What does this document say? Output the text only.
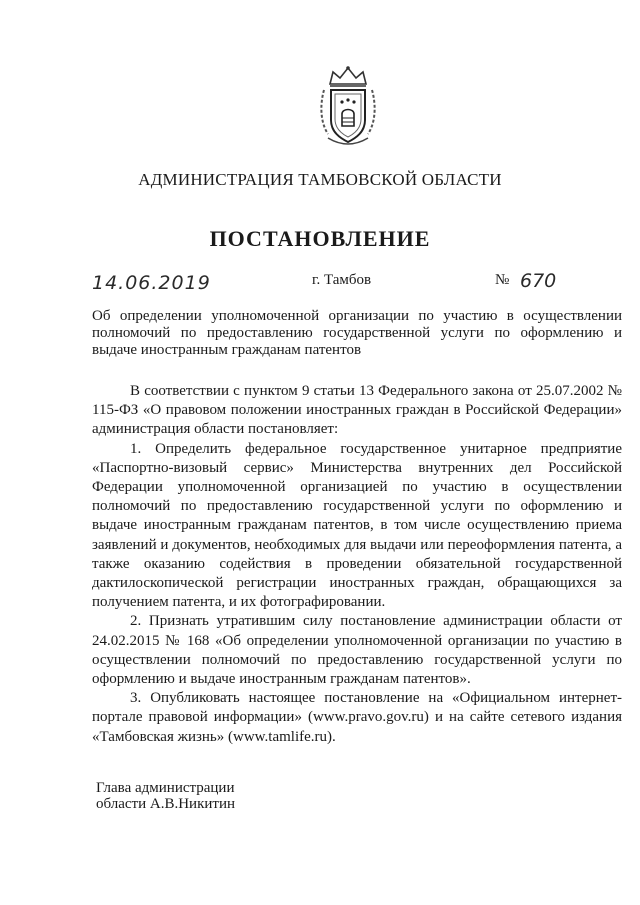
АДМИНИСТРАЦИЯ ТАМБОВСКОЙ ОБЛАСТИ
ПОСТАНОВЛЕНИЕ
14.06.2019	г. Тамбов	№ 670
Об определении уполномоченной организации по участию в осуществлении полномочий по предоставлению государственной услуги по оформлению и выдаче иностранным гражданам патентов

В соответствии с пунктом 9 статьи 13 Федерального закона от 25.07.2002 № 115-ФЗ «О правовом положении иностранных граждан в Российской Федерации» администрация области постановляет:

1. Определить федеральное государственное унитарное предприятие «Паспортно-визовый сервис» Министерства внутренних дел Российской Федерации уполномоченной организацией по участию в осуществлении полномочий по предоставлению государственной услуги по оформлению и выдаче иностранным гражданам патентов, в том числе осуществлению приема заявлений и документов, необходимых для выдачи или переоформления патента, а также оказанию содействия в проведении обязательной государственной дактилоскопической регистрации иностранных граждан, обращающихся за получением патента, и их фотографировании.

2. Признать утратившим силу постановление администрации области от 24.02.2015 № 168 «Об определении уполномоченной организации по участию в осуществлении полномочий по предоставлению государственной услуги по оформлению и выдаче иностранным гражданам патентов».

3. Опубликовать настоящее постановление на «Официальном интернет-портале правовой информации» (www.pravo.gov.ru) и на сайте сетевого издания «Тамбовская жизнь» (www.tamlife.ru).

Глава администрации
области А.В.Никитин
